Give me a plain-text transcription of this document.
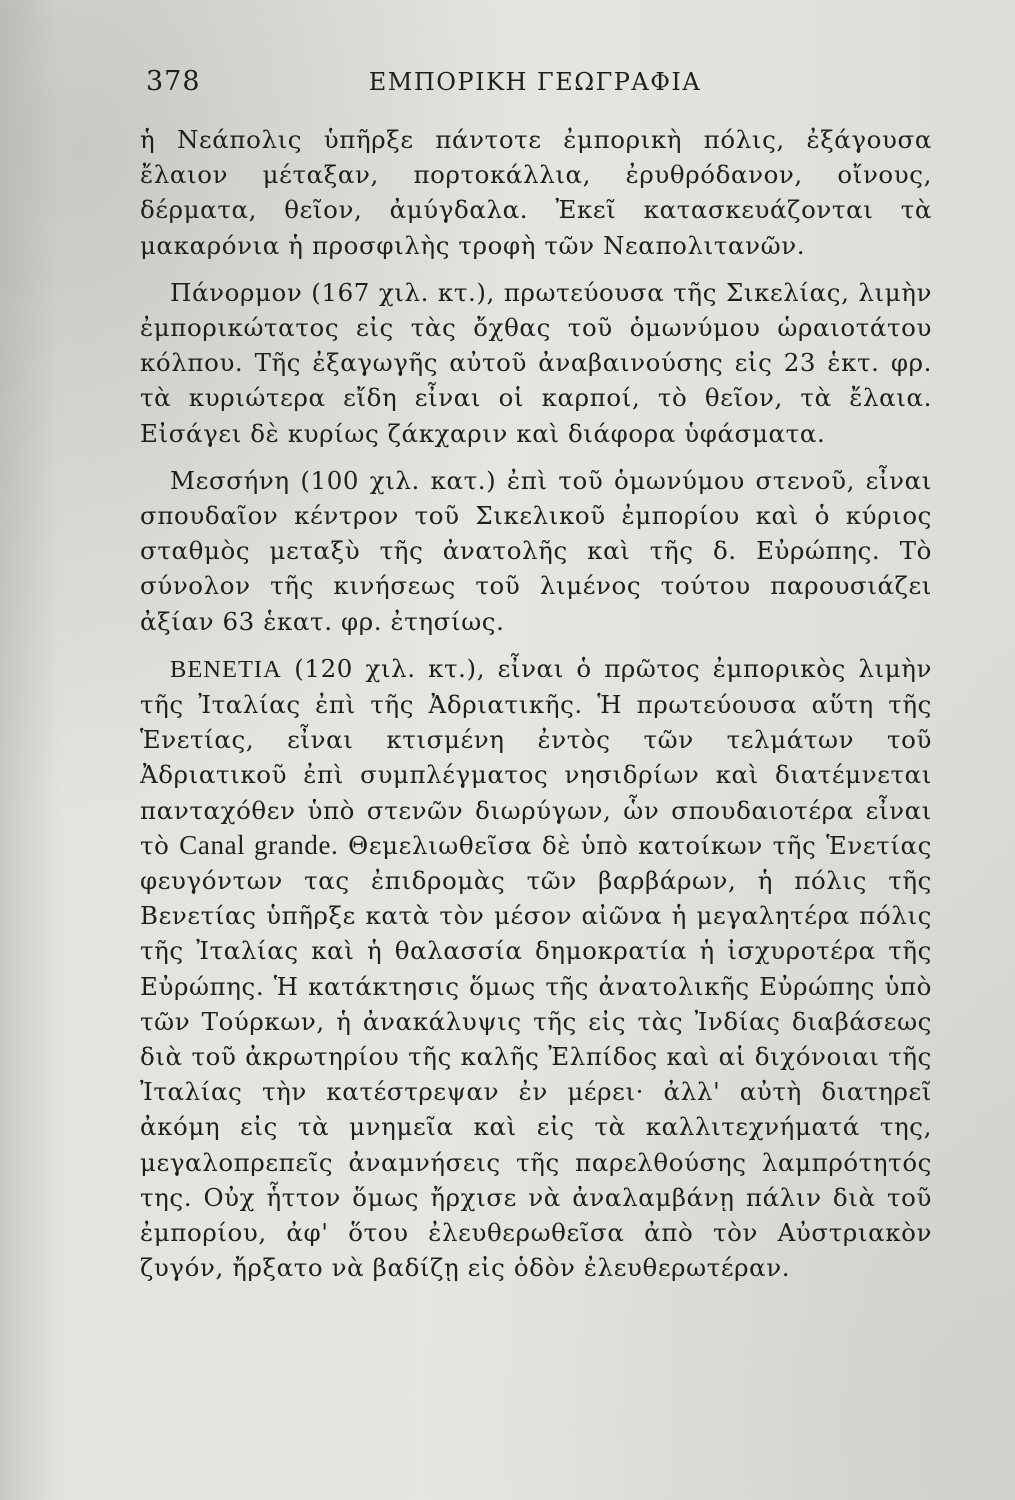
378	ΕΜΠΟΡΙΚΗ ΓΕΩΓΡΑΦΙΑ

ἡ Νεάπολις ὑπῆρξε πάντοτε ἐμπορικὴ πόλις, ἐξάγουσα ἔλαιον μέταξαν, πορτοκάλλια, ἐρυθρόδανον, οἴνους, δέρματα, θεῖον, ἀμύγδαλα. Ἐκεῖ κατασκευάζονται τὰ μακαρόνια ἡ προσφιλὴς τροφὴ τῶν Νεαπολιτανῶν.

Πάνορμον (167 χιλ. κτ.), πρωτεύουσα τῆς Σικελίας, λιμὴν ἐμπορικώτατος εἰς τὰς ὄχθας τοῦ ὁμωνύμου ὡραιοτάτου κόλπου. Τῆς ἐξαγωγῆς αὐτοῦ ἀναβαινούσης εἰς 23 ἑκτ. φρ. τὰ κυριώτερα εἴδη εἶναι οἱ καρποί, τὸ θεῖον, τὰ ἔλαια. Εἰσάγει δὲ κυρίως ζάκχαριν καὶ διάφορα ὑφάσματα.

Μεσσήνη (100 χιλ. κατ.) ἐπὶ τοῦ ὁμωνύμου στενοῦ, εἶναι σπουδαῖον κέντρον τοῦ Σικελικοῦ ἐμπορίου καὶ ὁ κύριος σταθμὸς μεταξὺ τῆς ἀνατολῆς καὶ τῆς δ. Εὐρώπης. Τὸ σύνολον τῆς κινήσεως τοῦ λιμένος τούτου παρουσιάζει ἀξίαν 63 ἑκατ. φρ. ἐτησίως.

ΒΕΝΕΤΙΑ (120 χιλ. κτ.), εἶναι ὁ πρῶτος ἐμπορικὸς λιμὴν τῆς Ἰταλίας ἐπὶ τῆς Ἀδριατικῆς. Ἡ πρωτεύουσα αὕτη τῆς Ἑνετίας, εἶναι κτισμένη ἐντὸς τῶν τελμάτων τοῦ Ἀδριατικοῦ ἐπὶ συμπλέγματος νησιδρίων καὶ διατέμνεται πανταχόθεν ὑπὸ στενῶν διωρύγων, ὧν σπουδαιοτέρα εἶναι τὸ Canal grande. Θεμελιωθεῖσα δὲ ὑπὸ κατοίκων τῆς Ἑνετίας φευγόντων τας ἐπιδρομὰς τῶν βαρβάρων, ἡ πόλις τῆς Βενετίας ὑπῆρξε κατὰ τὸν μέσον αἰῶνα ἡ μεγαλητέρα πόλις τῆς Ἰταλίας καὶ ἡ θαλασσία δημοκρατία ἡ ἰσχυροτέρα τῆς Εὐρώπης. Ἡ κατάκτησις ὅμως τῆς ἀνατολικῆς Εὐρώπης ὑπὸ τῶν Τούρκων, ἡ ἀνακάλυψις τῆς εἰς τὰς Ἰνδίας διαβάσεως διὰ τοῦ ἀκρωτηρίου τῆς καλῆς Ἐλπίδος καὶ αἱ διχόνοιαι τῆς Ἰταλίας τὴν κατέστρεψαν ἐν μέρει· ἀλλ' αὐτὴ διατηρεῖ ἀκόμη εἰς τὰ μνημεῖα καὶ εἰς τὰ καλλιτεχνήματά της, μεγαλοπρεπεῖς ἀναμνήσεις τῆς παρελθούσης λαμπρότητός της. Οὐχ ἧττον ὅμως ἤρχισε νὰ ἀναλαμβάνῃ πάλιν διὰ τοῦ ἐμπορίου, ἀφ' ὅτου ἐλευθερωθεῖσα ἀπὸ τὸν Αὐστριακὸν ζυγόν, ἤρξατο νὰ βαδίζῃ εἰς ὁδὸν ἐλευθερωτέραν.
